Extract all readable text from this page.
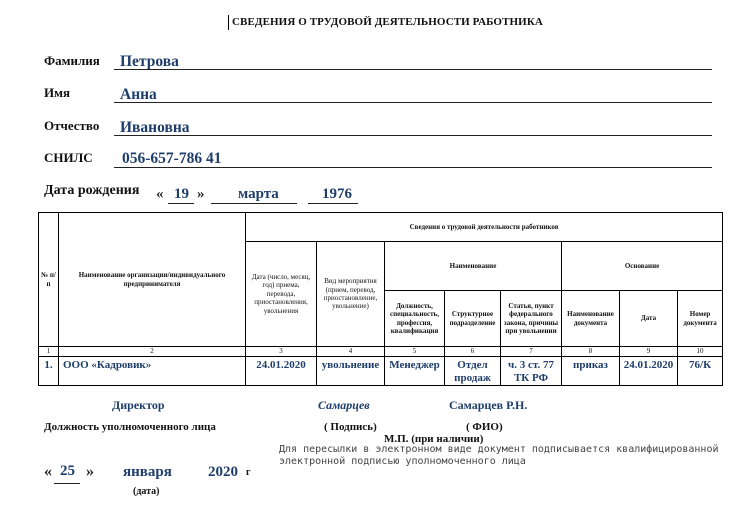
СВЕДЕНИЯ О ТРУДОВОЙ ДЕЯТЕЛЬНОСТИ РАБОТНИКА
Фамилия Петрова
Имя	Анна
Отчество Ивановна
СНИЛС 056-657-786 41
Дата рождения « 19 » марта	1976
№ п/п	Наименование организации/индивидуального предпринимателя	Сведения о трудовой деятельности работников							
		Дата (число, месяц, год) приема, перевода, приостановления, увольнения	Вид мероприятия (прием, перевод, приостановление, увольнение)	Наименование			Основание		
				Должность, специальность, профессия, квалификация	Структурное подразделение	Статья, пункт федерального закона, причины при увольнении	Наименование документа	Дата	Номер документа
1	2	3	4	5	6	7	8	9	10
1.	ООО «Кадровик»	24.01.2020	увольнение	Менеджер	Отдел продаж	ч. 3 ст. 77 ТК РФ	приказ	24.01.2020	76/К
Директор	Самарцев	Самарцев Р.Н.
Должность уполномоченного лица	( Подпись)	( ФИО)
М.П. (при наличии)
« 25 » января 2020 г
(дата)
Для пересылки в электронном виде документ подписывается квалифицированной электронной подписью уполномоченного лица
